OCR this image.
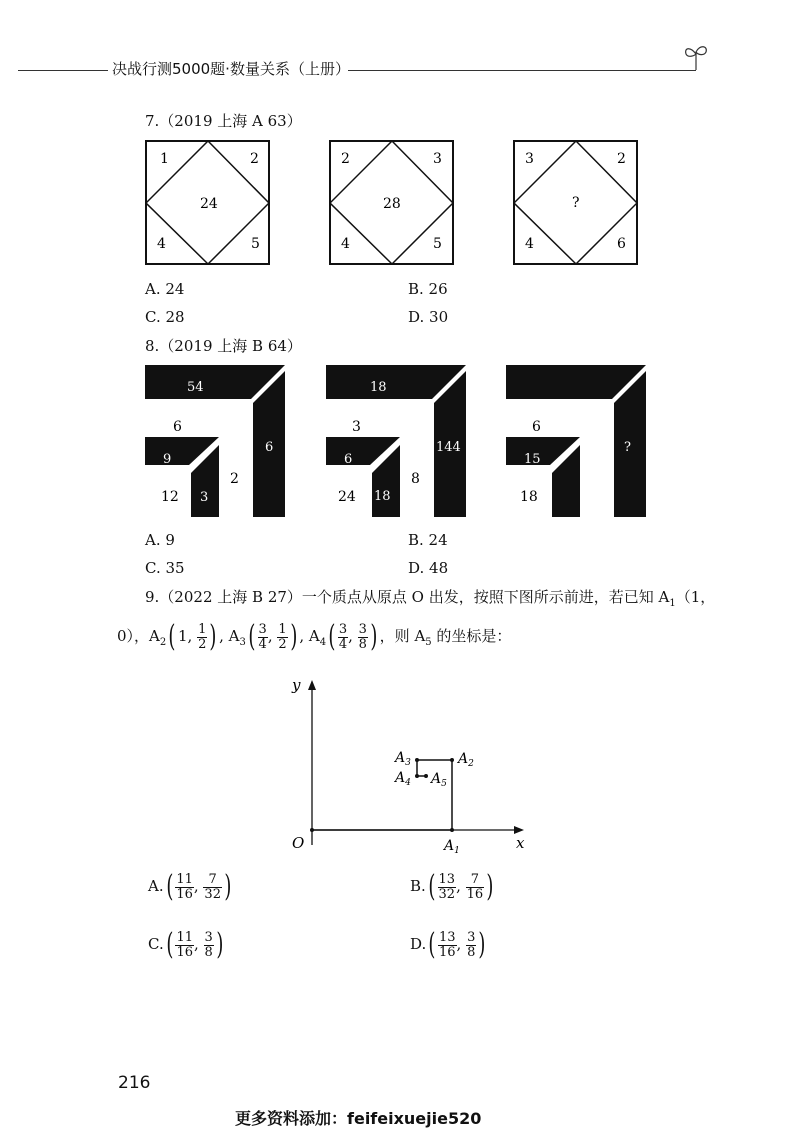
决战行测5000题·数量关系（上册）
7.（2019 上海 A 63）
1	2
24
4	5
2	3
28
4	5
3	2
?
4	6
A. 24	B. 26
C. 28	D. 30
8.（2019 上海 B 64）
54
6
6
9
3
12
2
18
144
3
6
18
24
8
?
6
15
18
A. 9	B. 24
C. 35	D. 48
9.（2022 上海 B 27）一个质点从原点 O 出发，按照下图所示前进，若已知 $A_1(1$，
0），$A_2$( 1, $\frac{1}{2}$ ) , $A_3( \frac{3}{4}$ , $\frac{1}{2}$ ) , $A_4( \frac{3}{4}$ , $\frac{3}{8}$ ) ，则 $A_5$ 的坐标是：
y
x
O	$A_1$
$A_2$
$A_3$
$A_4$ $A_5$
$A.( \frac{11}{16}$ , $\frac{7}{32}$ )	$B.( \frac{13}{32}$ , $\frac{7}{16}$ )
$C.( \frac{11}{16}$ , $\frac{3}{8}$ )	$D.( \frac{13}{16}$ , $\frac{3}{8}$ )
216
更多资料添加：feifeixuejie520
